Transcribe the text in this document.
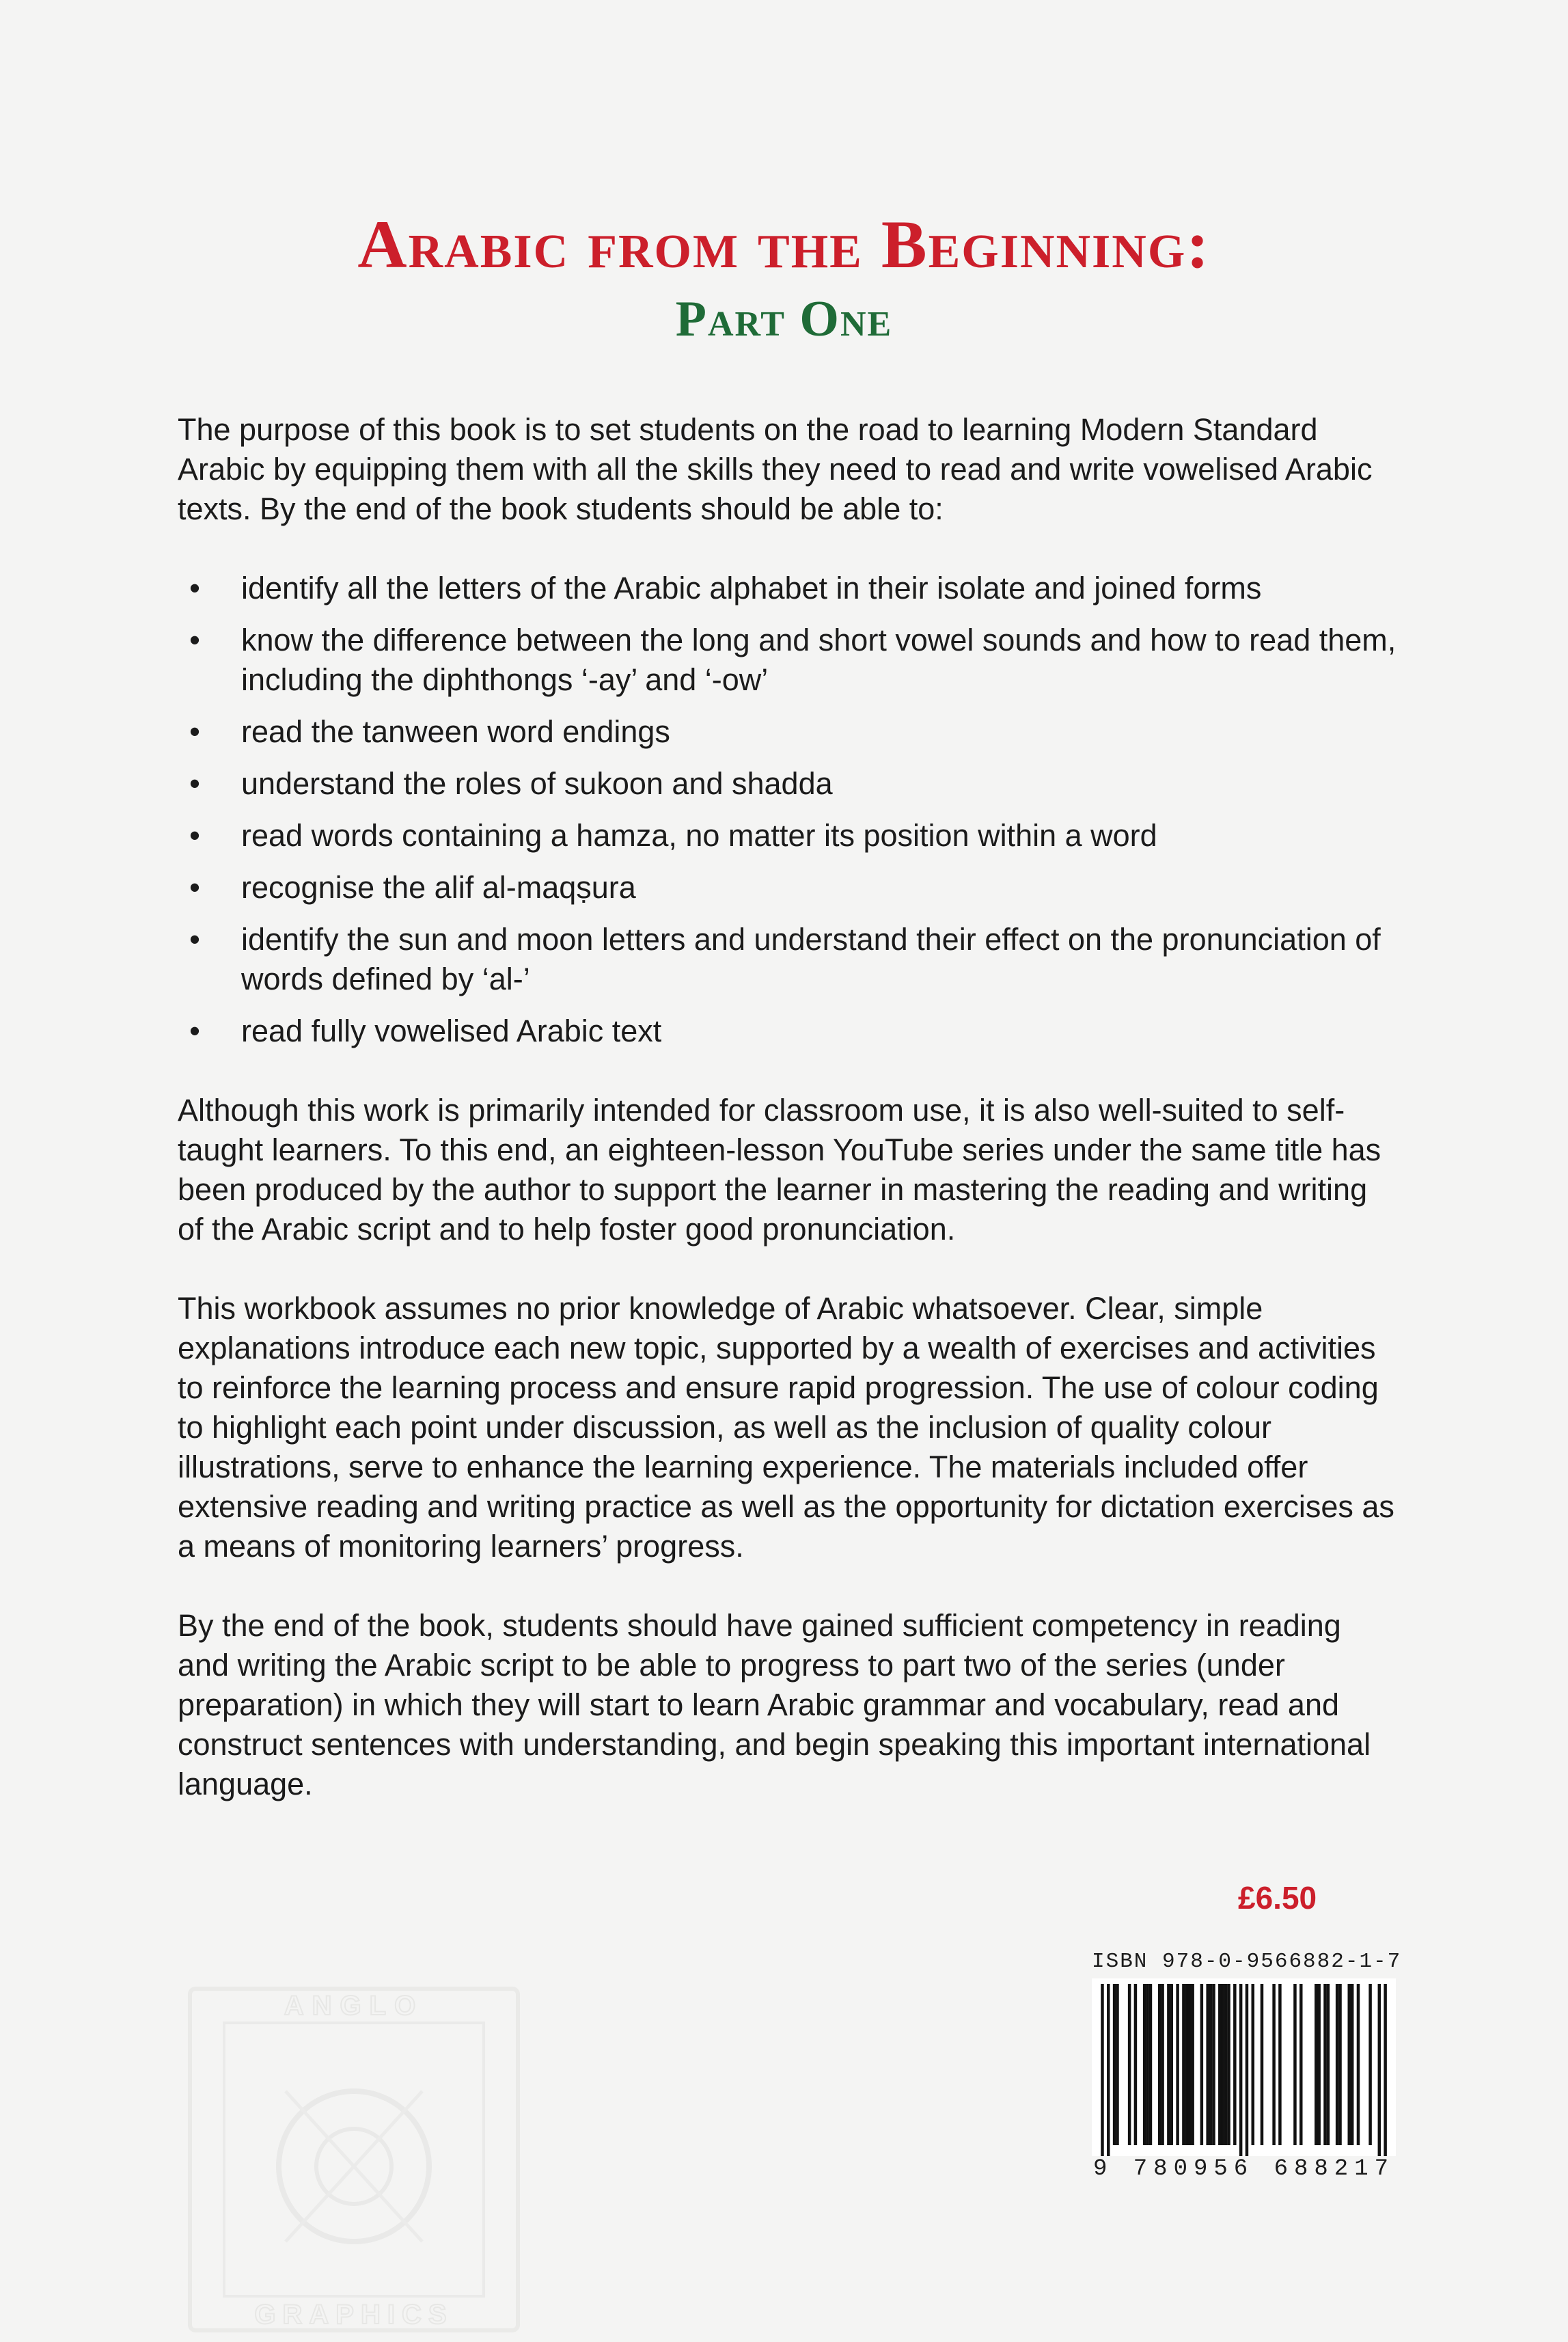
Arabic from the Beginning:
Part One

The purpose of this book is to set students on the road to learning Modern Standard Arabic by equipping them with all the skills they need to read and write vowelised Arabic texts. By the end of the book students should be able to:

• identify all the letters of the Arabic alphabet in their isolate and joined forms
• know the difference between the long and short vowel sounds and how to read them, including the diphthongs ‘-ay’ and ‘-ow’
• read the tanween word endings
• understand the roles of sukoon and shadda
• read words containing a hamza, no matter its position within a word
• recognise the alif al-maqṣura
• identify the sun and moon letters and understand their effect on the pronunciation of words defined by ‘al-’
• read fully vowelised Arabic text

Although this work is primarily intended for classroom use, it is also well-suited to self-taught learners. To this end, an eighteen-lesson YouTube series under the same title has been produced by the author to support the learner in mastering the reading and writing of the Arabic script and to help foster good pronunciation.

This workbook assumes no prior knowledge of Arabic whatsoever. Clear, simple explanations introduce each new topic, supported by a wealth of exercises and activities to reinforce the learning process and ensure rapid progression. The use of colour coding to highlight each point under discussion, as well as the inclusion of quality colour illustrations, serve to enhance the learning experience. The materials included offer extensive reading and writing practice as well as the opportunity for dictation exercises as a means of monitoring learners’ progress.

By the end of the book, students should have gained sufficient competency in reading and writing the Arabic script to be able to progress to part two of the series (under preparation) in which they will start to learn Arabic grammar and vocabulary, read and construct sentences with understanding, and begin speaking this important international language.

£6.50
ISBN 978-0-9566882-1-7
9 780956 688217
ANGLO
GRAPHICS
